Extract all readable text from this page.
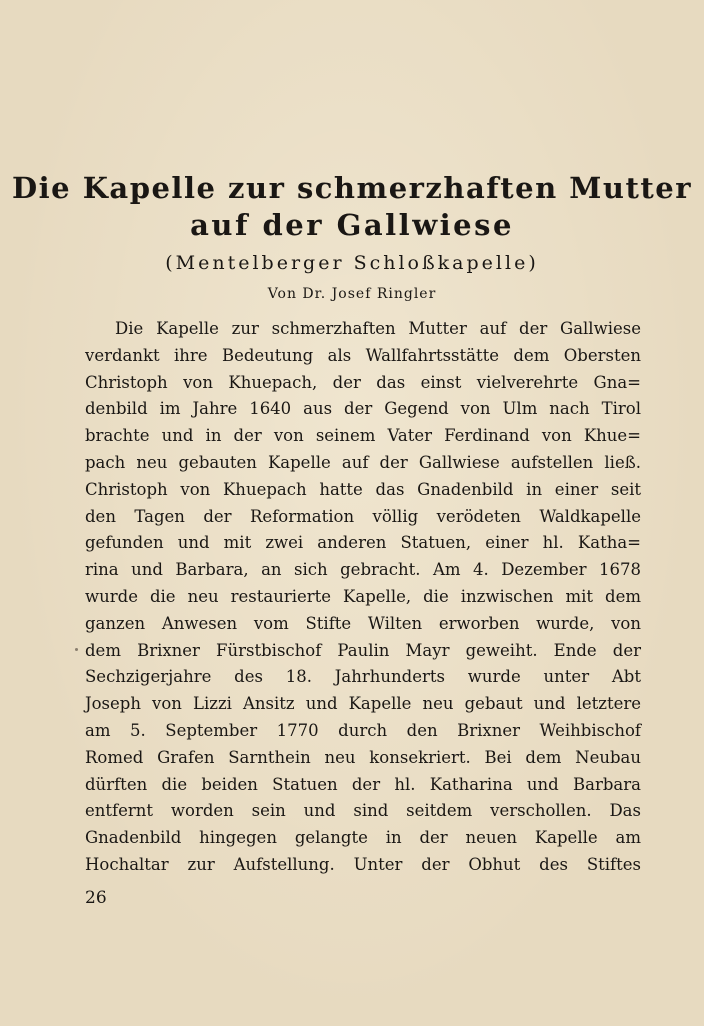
Die Kapelle zur schmerzhaften Mutter
auf der Gallwiese

(Mentelberger Schloßkapelle)

Von Dr. Josef Ringler

Die Kapelle zur schmerzhaften Mutter auf der Gallwiese
verdankt ihre Bedeutung als Wallfahrtsstätte dem Obersten
Christoph von Khuepach, der das einst vielverehrte Gna=
denbild im Jahre 1640 aus der Gegend von Ulm nach Tirol
brachte und in der von seinem Vater Ferdinand von Khue=
pach neu gebauten Kapelle auf der Gallwiese aufstellen ließ.
Christoph von Khuepach hatte das Gnadenbild in einer seit
den Tagen der Reformation völlig verödeten Waldkapelle
gefunden und mit zwei anderen Statuen, einer hl. Katha=
rina und Barbara, an sich gebracht. Am 4. Dezember 1678
wurde die neu restaurierte Kapelle, die inzwischen mit dem
ganzen Anwesen vom Stifte Wilten erworben wurde, von
dem Brixner Fürstbischof Paulin Mayr geweiht. Ende der
Sechzigerjahre des 18. Jahrhunderts wurde unter Abt
Joseph von Lizzi Ansitz und Kapelle neu gebaut und letztere
am 5. September 1770 durch den Brixner Weihbischof
Romed Grafen Sarnthein neu konsekriert. Bei dem Neubau
dürften die beiden Statuen der hl. Katharina und Barbara
entfernt worden sein und sind seitdem verschollen. Das
Gnadenbild hingegen gelangte in der neuen Kapelle am
Hochaltar zur Aufstellung. Unter der Obhut des Stiftes

26
